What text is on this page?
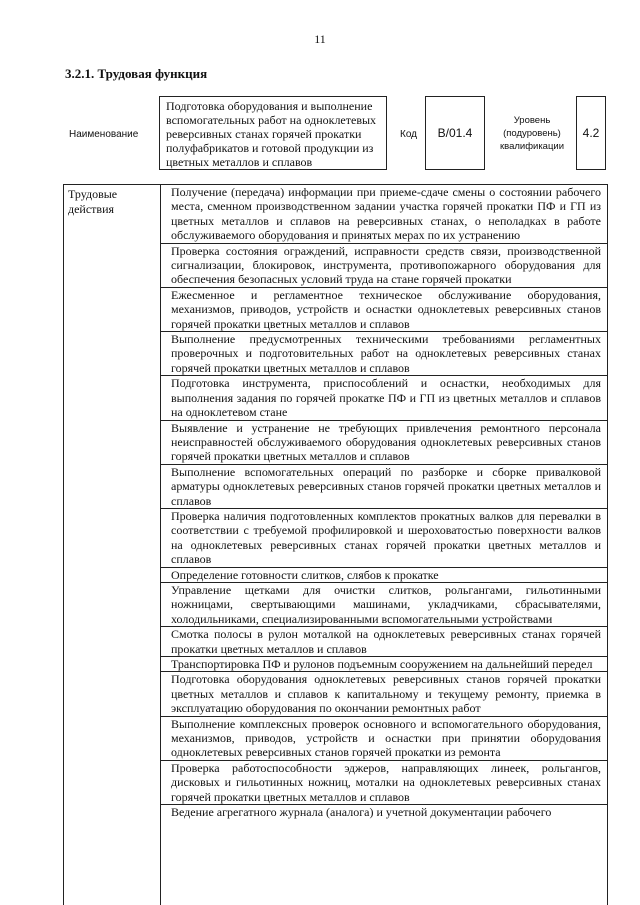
11
3.2.1. Трудовая функция
Наименование
Подготовка оборудования и выполнение вспомогательных работ на одноклетевых реверсивных станах горячей прокатки полуфабрикатов и готовой продукции из цветных металлов и сплавов
Код	B/01.4
Уровень (подуровень) квалификации
4.2
Трудовые действия
Получение (передача) информации при приеме-сдаче смены о состоянии рабочего места, сменном производственном задании участка горячей прокатки ПФ и ГП из цветных металлов и сплавов на реверсивных станах, о неполадках в работе обслуживаемого оборудования и принятых мерах по их устранению
Проверка состояния ограждений, исправности средств связи, производственной сигнализации, блокировок, инструмента, противопожарного оборудования для обеспечения безопасных условий труда на стане горячей прокатки
Ежесменное и регламентное техническое обслуживание оборудования, механизмов, приводов, устройств и оснастки одноклетевых реверсивных станов горячей прокатки цветных металлов и сплавов
Выполнение предусмотренных техническими требованиями регламентных проверочных и подготовительных работ на одноклетевых реверсивных станах горячей прокатки цветных металлов и сплавов
Подготовка инструмента, приспособлений и оснастки, необходимых для выполнения задания по горячей прокатке ПФ и ГП из цветных металлов и сплавов на одноклетевом стане
Выявление и устранение не требующих привлечения ремонтного персонала неисправностей обслуживаемого оборудования одноклетевых реверсивных станов горячей прокатки цветных металлов и сплавов
Выполнение вспомогательных операций по разборке и сборке привалковой арматуры одноклетевых реверсивных станов горячей прокатки цветных металлов и сплавов
Проверка наличия подготовленных комплектов прокатных валков для перевалки в соответствии с требуемой профилировкой и шероховатостью поверхности валков на одноклетевых реверсивных станах горячей прокатки цветных металлов и сплавов
Определение готовности слитков, слябов к прокатке
Управление щетками для очистки слитков, рольгангами, гильотинными ножницами, свертывающими машинами, укладчиками, сбрасывателями, холодильниками, специализированными вспомогательными устройствами
Смотка полосы в рулон моталкой на одноклетевых реверсивных станах горячей прокатки цветных металлов и сплавов
Транспортировка ПФ и рулонов подъемным сооружением на дальнейший передел
Подготовка оборудования одноклетевых реверсивных станов горячей прокатки цветных металлов и сплавов к капитальному и текущему ремонту, приемка в эксплуатацию оборудования по окончании ремонтных работ
Выполнение комплексных проверок основного и вспомогательного оборудования, механизмов, приводов, устройств и оснастки при принятии оборудования одноклетевых реверсивных станов горячей прокатки из ремонта
Проверка работоспособности эджеров, направляющих линеек, рольгангов, дисковых и гильотинных ножниц, моталки на одноклетевых реверсивных станах горячей прокатки цветных металлов и сплавов
Ведение агрегатного журнала (аналога) и учетной документации рабочего
